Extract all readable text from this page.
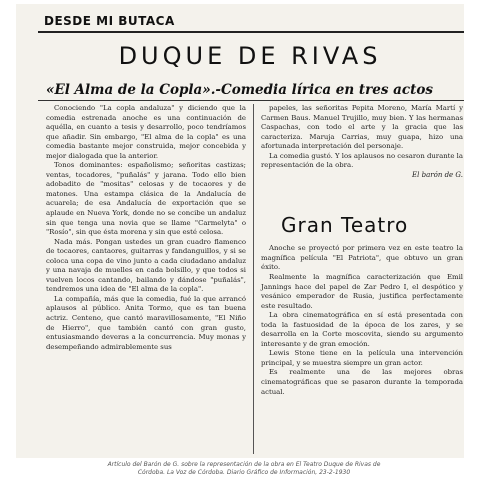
DESDE MI BUTACA
DUQUE DE RIVAS
«El Alma de la Copla».-Comedia lírica en tres actos

Conociendo "La copla andaluza" y diciendo que la comedia estrenada anoche es una continuación de aquélla, en cuanto a tesis y desarrollo, poco tendríamos que añadir. Sin embargo, "El alma de la copla" es una comedia bastante mejor construida, mejor concebida y mejor dialogada que la anterior.

Tonos dominantes: españolismo; señoritas castizas; ventas, tocadores, "puñalás" y jarana. Todo ello bien adobadito de "mositas" celosas y de tocaores y de matones. Una estampa clásica de la Andalucía de acuarela; de esa Andalucía de exportación que se aplaude en Nueva York, donde no se concibe un andaluz sin que tenga una novia que se llame "Carmelyta" o "Rosío", sin que ésta morena y sin que esté celosa.

Nada más. Pongan ustedes un gran cuadro flamenco de tocaores, cantaores, guitarras y fandanguillos, y si se coloca una copa de vino junto a cada ciudadano andaluz y una navaja de muelles en cada bolsillo, y que todos si vuelven locos cantando, bailando y dándose "puñalás", tendremos una idea de "El alma de la copla".

La compañía, más que la comedia, fué la que arrancó aplausos al público. Anita Tormo, que es tan buena actriz. Centeno, que cantó maravillosamente, "El Niño de Hierro", que también cantó con gran gusto, entusiasmando deveras a la concurrencia. Muy monas y desempeñando admirablemente sus

papeles, las señoritas Pepita Moreno, María Martí y Carmen Baus. Manuel Trujillo, muy bien. Y las hermanas Caspachas, con todo el arte y la gracia que las caracteriza. Maruja Carrias, muy guapa, hizo una afortunada interpretación del personaje.

La comedia gustó. Y los aplausos no cesaron durante la representación de la obra.

El barón de G.

Gran Teatro

Anoche se proyectó por primera vez en este teatro la magnífica película "El Patriota", que obtuvo un gran éxito.

Realmente la magnífica caracterización que Emil Jannings hace del papel de Zar Pedro I, el despótico y vesánico emperador de Rusia, justifica perfectamente este resultado.

La obra cinematográfica en sí está presentada con toda la fastuosidad de la época de los zares, y se desarrolla en la Corte moscovita, siendo su argumento interesante y de gran emoción.

Lewis Stone tiene en la película una intervención principal, y se muestra siempre un gran actor.

Es realmente una de las mejores obras cinematográficas que se pasaron durante la temporada actual.

Artículo del Barón de G. sobre la representación de la obra en El Teatro Duque de Rivas de
Córdoba. La Voz de Córdoba. Diario Gráfico de Información, 23-2-1930
